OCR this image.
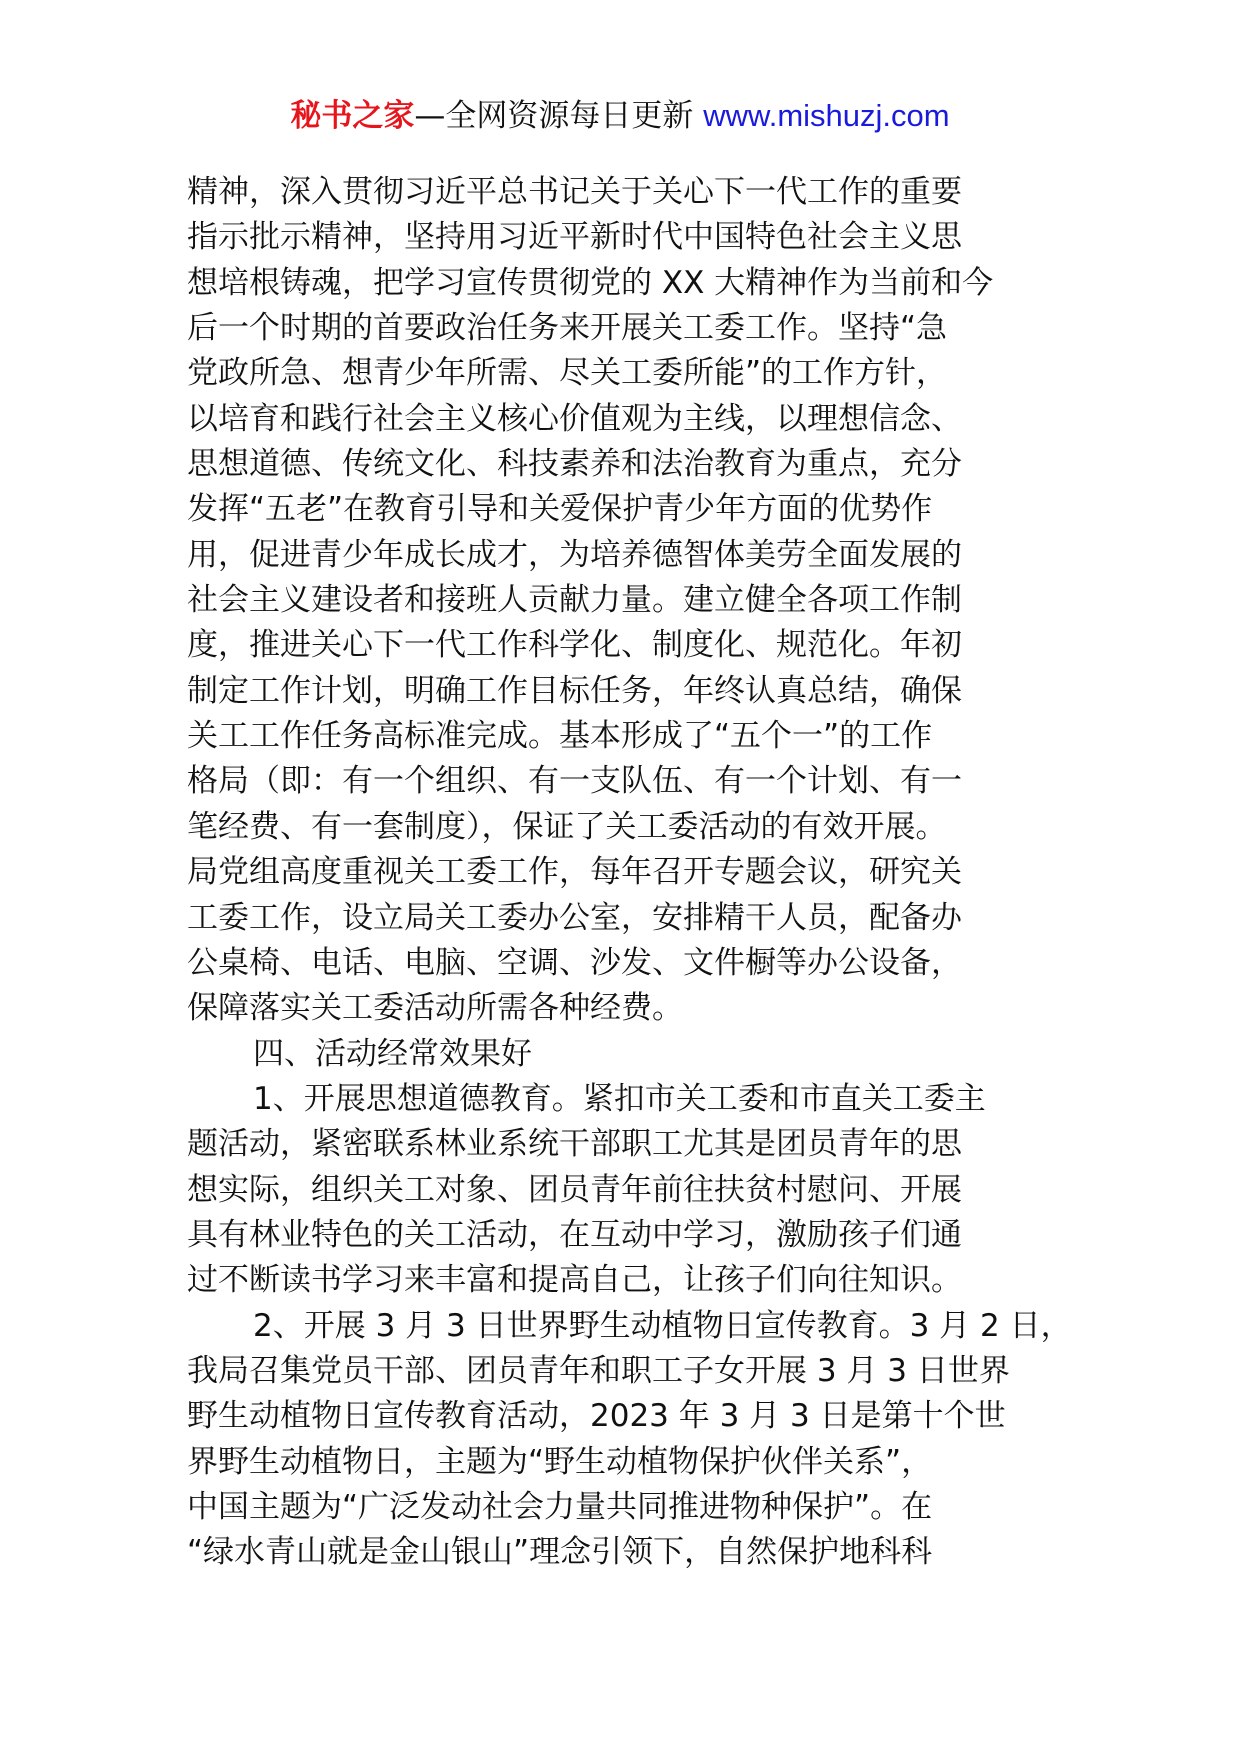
秘书之家—全网资源每日更新 www.mishuzj.com
精神，深入贯彻习近平总书记关于关心下一代工作的重要
指示批示精神，坚持用习近平新时代中国特色社会主义思
想培根铸魂，把学习宣传贯彻党的 XX 大精神作为当前和今
后一个时期的首要政治任务来开展关工委工作。坚持“急
党政所急、想青少年所需、尽关工委所能”的工作方针，
以培育和践行社会主义核心价值观为主线，以理想信念、
思想道德、传统文化、科技素养和法治教育为重点，充分
发挥“五老”在教育引导和关爱保护青少年方面的优势作
用，促进青少年成长成才，为培养德智体美劳全面发展的
社会主义建设者和接班人贡献力量。建立健全各项工作制
度，推进关心下一代工作科学化、制度化、规范化。年初
制定工作计划，明确工作目标任务，年终认真总结，确保
关工工作任务高标准完成。基本形成了“五个一”的工作
格局（即：有一个组织、有一支队伍、有一个计划、有一
笔经费、有一套制度），保证了关工委活动的有效开展。
局党组高度重视关工委工作，每年召开专题会议，研究关
工委工作，设立局关工委办公室，安排精干人员，配备办
公桌椅、电话、电脑、空调、沙发、文件橱等办公设备，
保障落实关工委活动所需各种经费。
四、活动经常效果好
1、开展思想道德教育。紧扣市关工委和市直关工委主
题活动，紧密联系林业系统干部职工尤其是团员青年的思
想实际，组织关工对象、团员青年前往扶贫村慰问、开展
具有林业特色的关工活动，在互动中学习，激励孩子们通
过不断读书学习来丰富和提高自己，让孩子们向往知识。
2、开展 3 月 3 日世界野生动植物日宣传教育。3 月 2 日，
我局召集党员干部、团员青年和职工子女开展 3 月 3 日世界
野生动植物日宣传教育活动，2023 年 3 月 3 日是第十个世
界野生动植物日，主题为“野生动植物保护伙伴关系”，
中国主题为“广泛发动社会力量共同推进物种保护”。在
“绿水青山就是金山银山”理念引领下，自然保护地科科
